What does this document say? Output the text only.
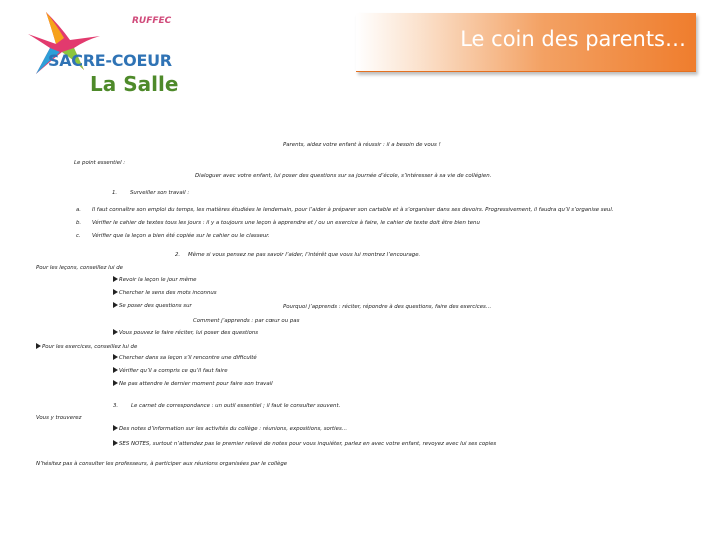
RUFFEC
SACRE-COEUR
La Salle
Le coin des parents…
Parents, aidez votre enfant à réussir : il a besoin de vous !
Le point essentiel :
Dialoguer avec votre enfant, lui poser des questions sur sa journée d’école, s’intéresser à sa vie de collégien.
1. Surveiller son travail :
a. Il faut connaître son emploi du temps, les matières étudiées le lendemain, pour l’aider à préparer son cartable et à s’organiser dans ses devoirs. Progressivement, il faudra qu’il s’organise seul.
b. Vérifier le cahier de textes tous les jours : il y a toujours une leçon à apprendre et / ou un exercice à faire, le cahier de texte doit être bien tenu
c. Vérifier que la leçon a bien été copiée sur le cahier ou le classeur.
2. Même si vous pensez ne pas savoir l’aider, l’intérêt que vous lui montrez l’encourage.
Pour les leçons, conseillez lui de
Revoir la leçon le jour même
Chercher le sens des mots inconnus
Se poser des questions sur	Pourquoi j’apprends : réciter, répondre à des questions, faire des exercices…
Comment j’apprends : par cœur ou pas
Vous pouvez le faire réciter, lui poser des questions
Pour les exercices, conseillez lui de
Chercher dans sa leçon s’il rencontre une difficulté
Vérifier qu’il a compris ce qu’il faut faire
Ne pas attendre le dernier moment pour faire son travail
3. Le carnet de correspondance : un outil essentiel ; il faut le consulter souvent.
Vous y trouverez
Des notes d’information sur les activités du collège : réunions, expositions, sorties…
SES NOTES, surtout n’attendez pas le premier relevé de notes pour vous inquiéter, parlez en avec votre enfant, revoyez avec lui ses copies
N’hésitez pas à consulter les professeurs, à participer aux réunions organisées par le collège
